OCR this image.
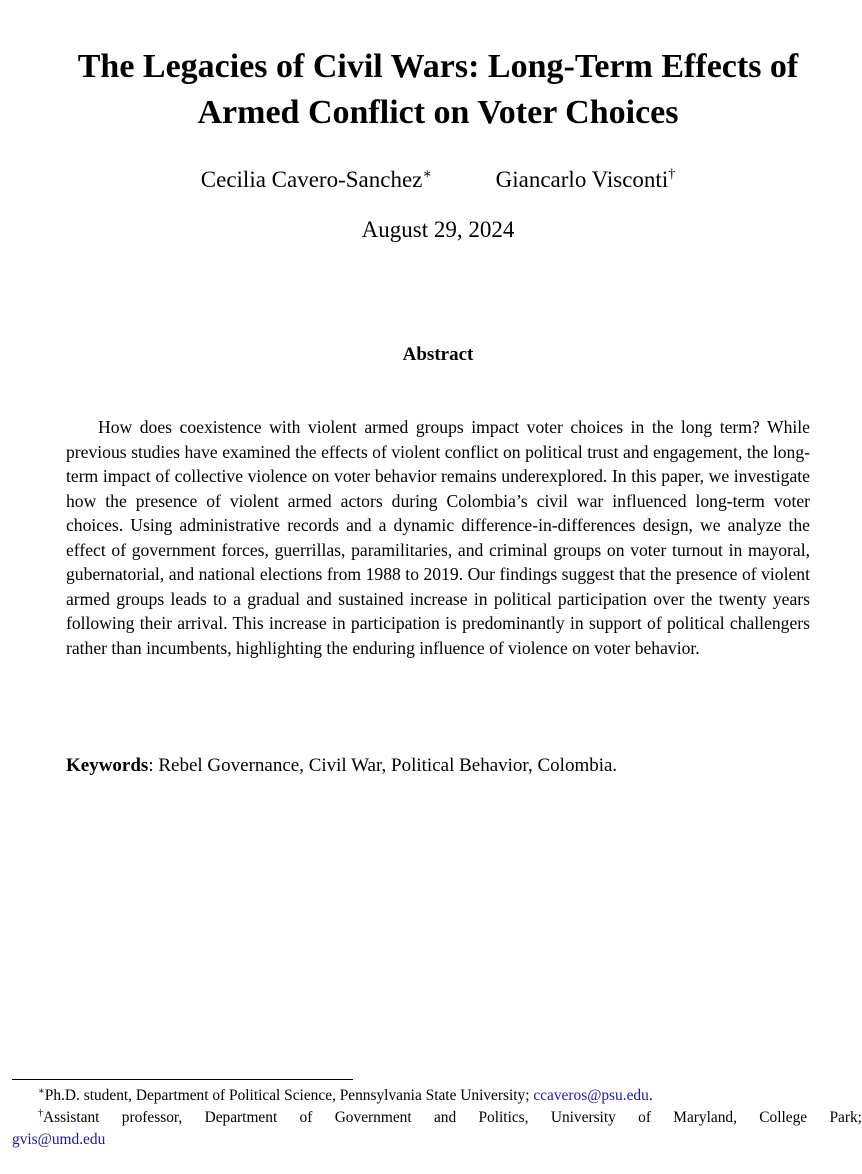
The Legacies of Civil Wars: Long-Term Effects of
Armed Conflict on Voter Choices
Cecilia Cavero-Sanchez∗	Giancarlo Visconti†
August 29, 2024
Abstract

How does coexistence with violent armed groups impact voter choices in the long term? While previous studies have examined the effects of violent conflict on political trust and engagement, the long-term impact of collective violence on voter behavior remains underexplored. In this paper, we investigate how the presence of violent armed actors during Colombia’s civil war influenced long-term voter choices. Using administrative records and a dynamic difference-in-differences design, we analyze the effect of government forces, guerrillas, paramilitaries, and criminal groups on voter turnout in mayoral, gubernatorial, and national elections from 1988 to 2019. Our findings suggest that the presence of violent armed groups leads to a gradual and sustained increase in political participation over the twenty years following their arrival. This increase in participation is predominantly in support of political challengers rather than incumbents, highlighting the enduring influence of violence on voter behavior.

Keywords: Rebel Governance, Civil War, Political Behavior, Colombia.
∗Ph.D. student, Department of Political Science, Pennsylvania State University; ccaveros@psu.edu.
†Assistant professor, Department of Government and Politics, University of Maryland, College Park;
gvis@umd.edu
